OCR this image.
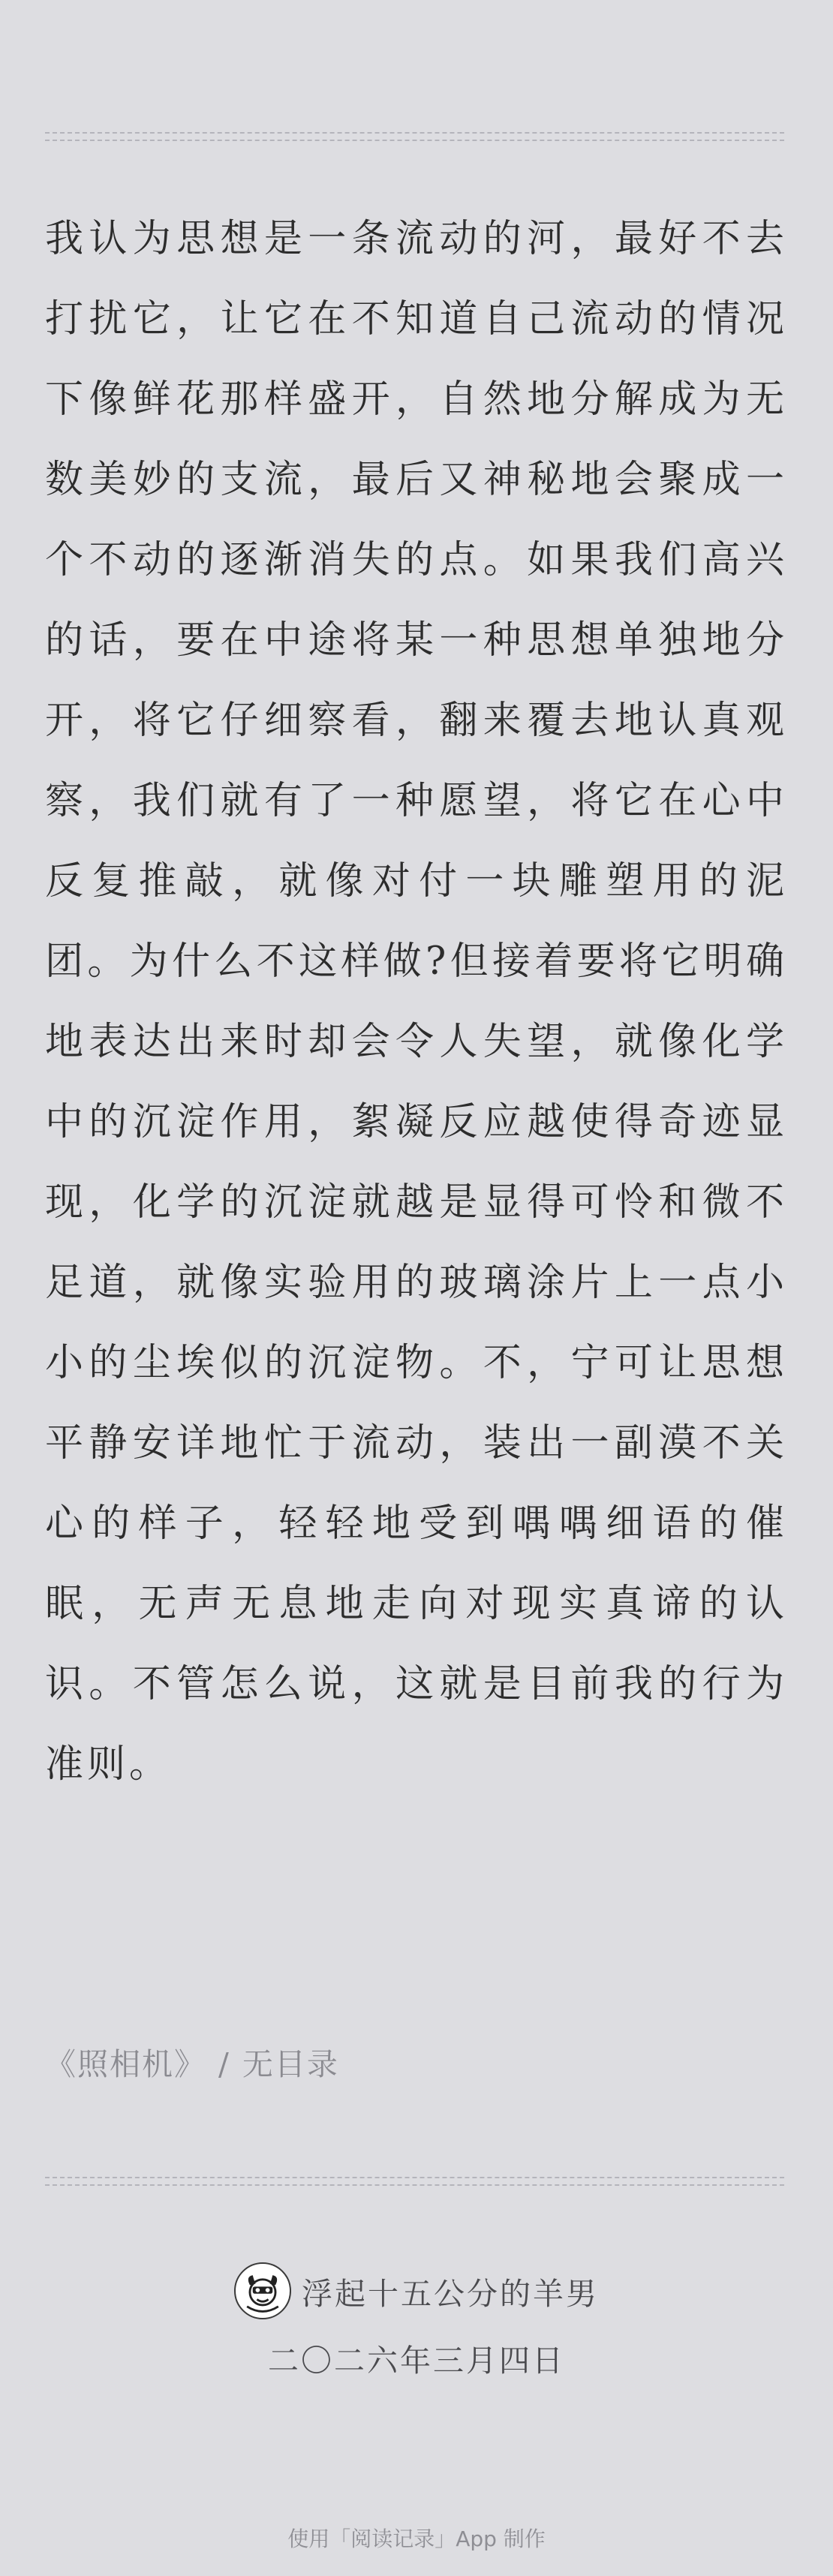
我认为思想是一条流动的河，最好不去打扰它，让它在不知道自己流动的情况下像鲜花那样盛开，自然地分解成为无数美妙的支流，最后又神秘地会聚成一个不动的逐渐消失的点。如果我们高兴的话，要在中途将某一种思想单独地分开，将它仔细察看，翻来覆去地认真观察，我们就有了一种愿望，将它在心中反复推敲，就像对付一块雕塑用的泥团。为什么不这样做?但接着要将它明确地表达出来时却会令人失望，就像化学中的沉淀作用，絮凝反应越使得奇迹显现，化学的沉淀就越是显得可怜和微不足道，就像实验用的玻璃涂片上一点小小的尘埃似的沉淀物。不，宁可让思想平静安详地忙于流动，装出一副漠不关心的样子，轻轻地受到喁喁细语的催眠，无声无息地走向对现实真谛的认识。不管怎么说，这就是目前我的行为准则。

《照相机》 / 无目录
浮起十五公分的羊男
二〇二六年三月四日
使用「阅读记录」App 制作
